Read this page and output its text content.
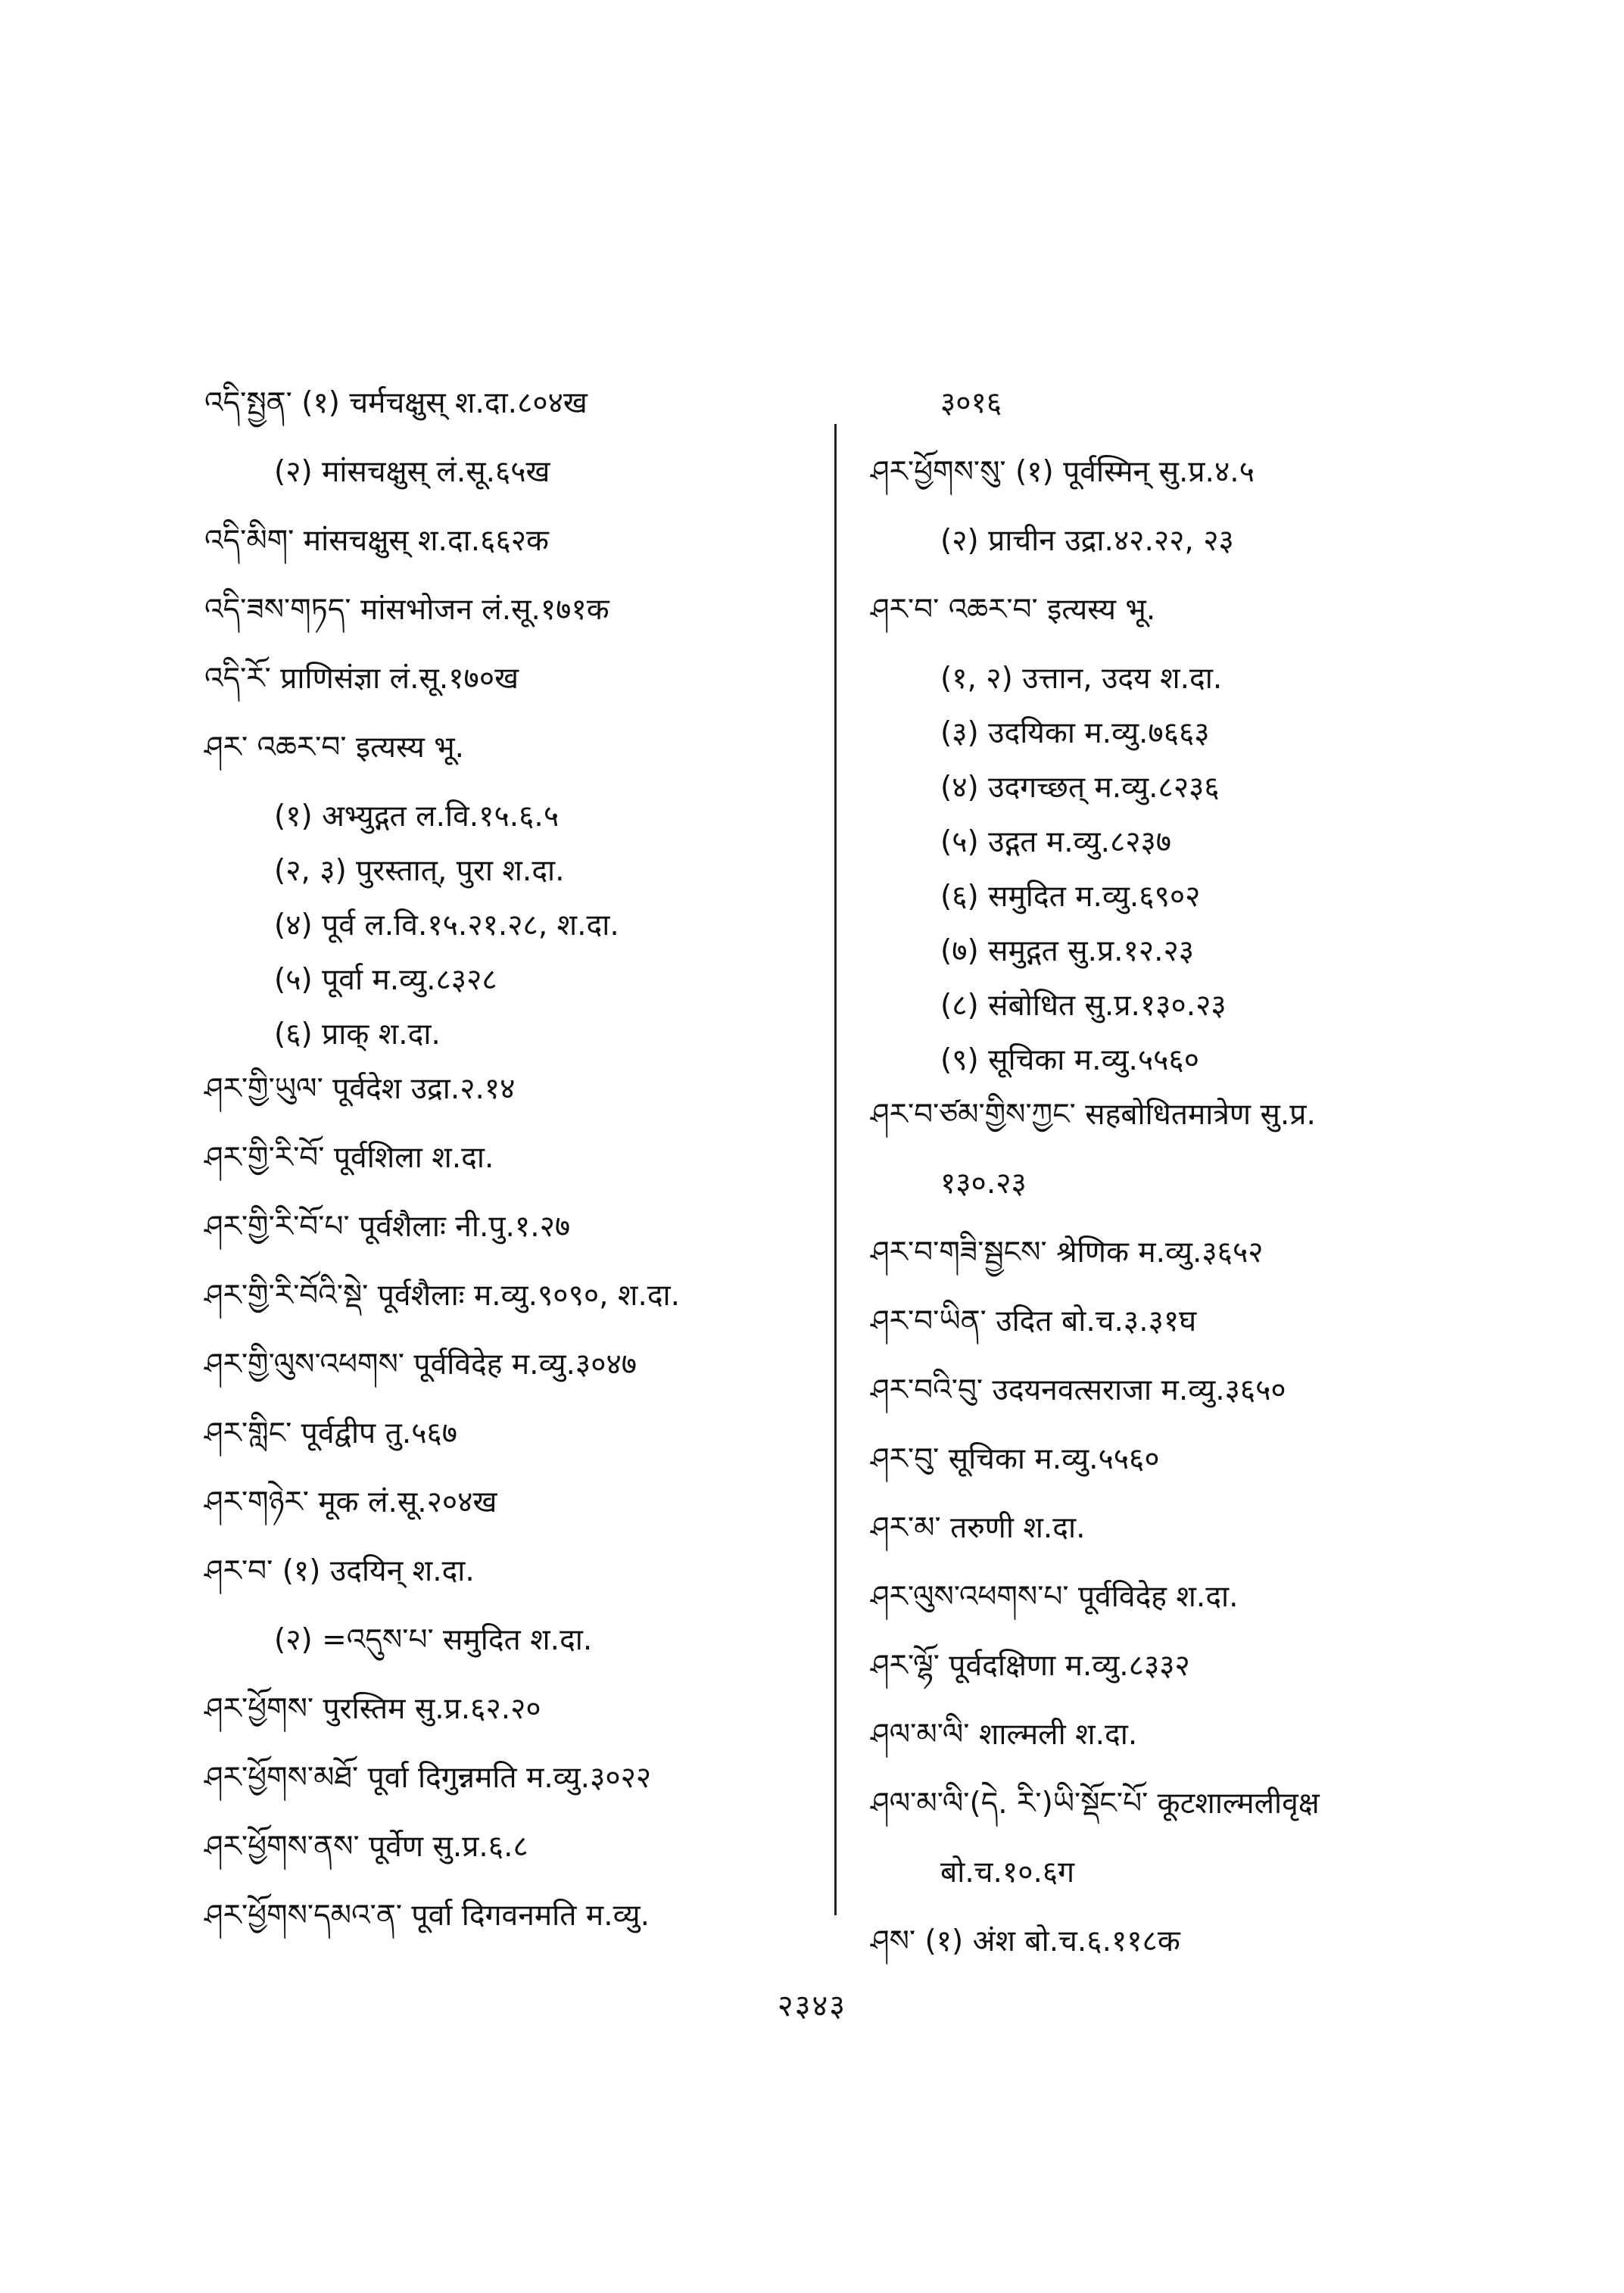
འདི་སྤྱན་ (१) चर्मचक्षुस् श.दा.८०४ख
(२) मांसचक्षुस् लं.सू.६५ख
འདི་མིག་ मांसचक्षुस् श.दा.६६२क
འདི་ཟས་གཏད་ मांसभोजन लं.सू.१७१क
འདི་རོ་ प्राणिसंज्ञा लं.सू.१७०ख
ཤར་ འཆར་བ་ इत्यस्य भू.
(१) अभ्युद्गत ल.वि.१५.६.५
(२, ३) पुरस्तात्, पुरा श.दा.
(४) पूर्व ल.वि.१५.२१.२८, श.दा.
(५) पूर्वा म.व्यु.८३२८
(६) प्राक् श.दा.
ཤར་གྱི་ཡུལ་ पूर्वदेश उद्रा.२.१४
ཤར་གྱི་རི་བོ་ पूर्वशिला श.दा.
ཤར་གྱི་རི་བོ་པ་ पूर्वशैलाः नी.पु.१.२७
ཤར་གྱི་རི་བོའི་སྡེ་ पूर्वशैलाः म.व्यु.९०९०, श.दा.
ཤར་གྱི་ལུས་འཕགས་ पूर्वविदेह म.व्यु.३०४७
ཤར་གླིང་ पूर्वद्वीप तु.५६७
ཤར་གཉེར་ मूक लं.सू.२०४ख
ཤར་བ་ (१) उदयिन् श.दा.
(२) =འདུས་པ་ समुदित श.दा.
ཤར་ཕྱོགས་ पुरस्तिम सु.प्र.६२.२०
ཤར་ཕྱོགས་མཐོ་ पूर्वा दिगुन्नमति म.व्यु.३०२२
ཤར་ཕྱོགས་ནས་ पूर्वेण सु.प्र.६.८
ཤར་ཕྱོགས་དམའ་ན་ पूर्वा दिगवनमति म.व्यु.
३०१६
ཤར་ཕྱོགས་སུ་ (१) पूर्वस्मिन् सु.प्र.४.५
(२) प्राचीन उद्रा.४२.२२, २३
ཤར་བ་ འཆར་བ་ इत्यस्य भू.
(१, २) उत्तान, उदय श.दा.
(३) उदयिका म.व्यु.७६६३
(४) उदगच्छत् म.व्यु.८२३६
(५) उद्गत म.व्यु.८२३७
(६) समुदित म.व्यु.६९०२
(७) समुद्गत सु.प्र.१२.२३
(८) संबोधित सु.प्र.१३०.२३
(९) सूचिका म.व्यु.५५६०
ཤར་བ་ཙམ་གྱིས་ཀྱང་ सहबोधितमात्रेण सु.प्र.
१३०.२३
ཤར་བ་གཟི་སྦྱངས་ श्रेणिक म.व्यु.३६५२
ཤར་བ་ཡིན་ उदित बो.च.३.३१घ
ཤར་བའི་བུ་ उदयनवत्सराजा म.व्यु.३६५०
ཤར་བུ་ सूचिका म.व्यु.५५६०
ཤར་མ་ तरुणी श.दा.
ཤར་ལུས་འཕགས་པ་ पूर्वविदेह श.दा.
ཤར་ལྷོ་ पूर्वदक्षिणा म.व्यु.८३३२
ཤལ་མ་ལི་ शाल्मली श.दा.
ཤལ་མ་ལི་(དེ. རི་)ཡི་སྡོང་པོ་ कूटशाल्मलीवृक्ष
बो.च.१०.६ग
ཤས་ (१) अंश बो.च.६.११८क
२३४३
